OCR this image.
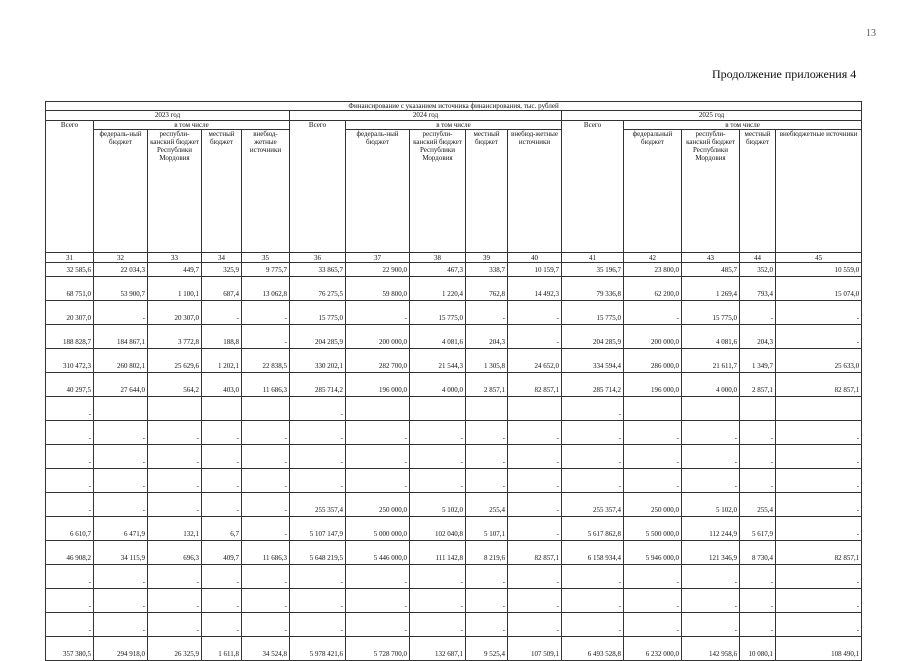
13
Продолжение приложения 4
Финансирование с указанием источника финансирования, тыс. рублей														
2023 год					2024 год					2025 год				
Всего	в том числе				Всего	в том числе				Всего	в том числе			
	федераль-ный бюджет	республи-канский бюджет Республики Мордовия	местный бюджет	внебюд-жетные источники		федераль-ный бюджет	республи-канский бюджет Республики Мордовия	местный бюджет	внебюд-жетные источники		федеральный бюджет	республи-канский бюджет Республики Мордовия	местный бюджет	внебюджетные источники
31	32	33	34	35	36	37	38	39	40	41	42	43	44	45
32 585,6	22 034,3	449,7	325,9	9 775,7	33 865,7	22 900,0	467,3	338,7	10 159,7	35 196,7	23 800,0	485,7	352,0	10 559,0
68 751,0	53 900,7	1 100,1	687,4	13 062,8	76 275,5	59 800,0	1 220,4	762,8	14 492,3	79 336,8	62 200,0	1 269,4	793,4	15 074,0
20 307,0	-	20 307,0	-	-	15 775,0	-	15 775,0	-	-	15 775,0	-	15 775,0	-	-
188 828,7	184 867,1	3 772,8	188,8	-	204 285,9	200 000,0	4 081,6	204,3	-	204 285,9	200 000,0	4 081,6	204,3	-
310 472,3	260 802,1	25 629,6	1 202,1	22 838,5	330 202,1	282 700,0	21 544,3	1 305,8	24 652,0	334 594,4	286 000,0	21 611,7	1 349,7	25 633,0
40 297,5	27 644,0	564,2	403,0	11 686,3	285 714,2	196 000,0	4 000,0	2 857,1	82 857,1	285 714,2	196 000,0	4 000,0	2 857,1	82 857,1
-					-					-				
-	-	-	-	-	-	-	-	-	-	-	-	-	-	-
-	-	-	-	-	-	-	-	-	-	-	-	-	-	-
-	-	-	-	-	-	-	-	-	-	-	-	-	-	-
-	-	-	-	-	255 357,4	250 000,0	5 102,0	255,4	-	255 357,4	250 000,0	5 102,0	255,4	-
6 610,7	6 471,9	132,1	6,7	-	5 107 147,9	5 000 000,0	102 040,8	5 107,1	-	5 617 862,8	5 500 000,0	112 244,9	5 617,9	-
46 908,2	34 115,9	696,3	409,7	11 686,3	5 648 219,5	5 446 000,0	111 142,8	8 219,6	82 857,1	6 158 934,4	5 946 000,0	121 346,9	8 730,4	82 857,1
-	-	-	-	-	-	-	-	-	-	-	-	-	-	-
-	-	-	-	-	-	-	-	-	-	-	-	-	-	-
-	-	-	-	-	-	-	-	-	-	-	-	-	-	-
357 380,5	294 918,0	26 325,9	1 611,8	34 524,8	5 978 421,6	5 728 700,0	132 687,1	9 525,4	107 509,1	6 493 528,8	6 232 000,0	142 958,6	10 080,1	108 490,1
